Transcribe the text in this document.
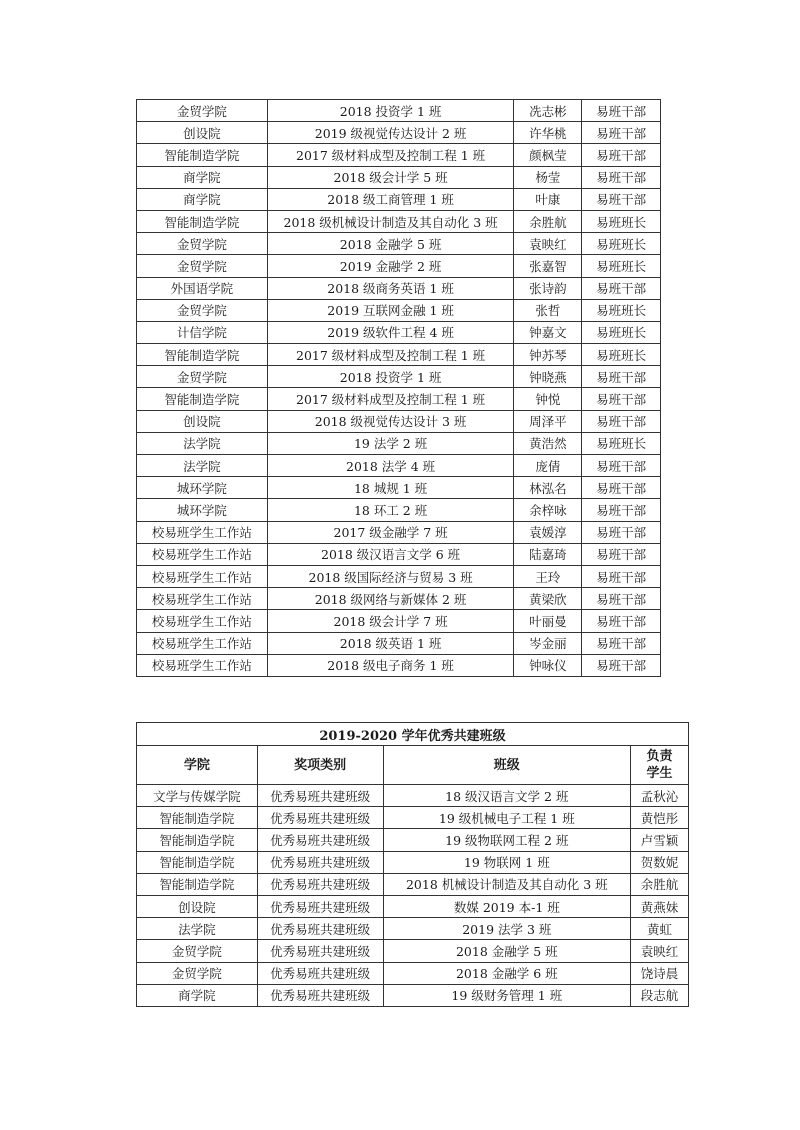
金贸学院	2018 投资学 1 班	冼志彬	易班干部
创设院	2019 级视觉传达设计 2 班	许华桃	易班干部
智能制造学院	2017 级材料成型及控制工程 1 班	颜枫莹	易班干部
商学院	2018 级会计学 5 班	杨莹	易班干部
商学院	2018 级工商管理 1 班	叶康	易班干部
智能制造学院	2018 级机械设计制造及其自动化 3 班	余胜航	易班班长
金贸学院	2018 金融学 5 班	袁映红	易班班长
金贸学院	2019 金融学 2 班	张嘉智	易班班长
外国语学院	2018 级商务英语 1 班	张诗韵	易班干部
金贸学院	2019 互联网金融 1 班	张哲	易班班长
计信学院	2019 级软件工程 4 班	钟嘉文	易班班长
智能制造学院	2017 级材料成型及控制工程 1 班	钟苏琴	易班班长
金贸学院	2018 投资学 1 班	钟晓燕	易班干部
智能制造学院	2017 级材料成型及控制工程 1 班	钟悦	易班干部
创设院	2018 级视觉传达设计 3 班	周泽平	易班干部
法学院	19 法学 2 班	黄浩然	易班班长
法学院	2018 法学 4 班	庞倩	易班干部
城环学院	18 城规 1 班	林泓名	易班干部
城环学院	18 环工 2 班	余梓咏	易班干部
校易班学生工作站	2017 级金融学 7 班	袁媛淳	易班干部
校易班学生工作站	2018 级汉语言文学 6 班	陆嘉琦	易班干部
校易班学生工作站	2018 级国际经济与贸易 3 班	王玲	易班干部
校易班学生工作站	2018 级网络与新媒体 2 班	黄梁欣	易班干部
校易班学生工作站	2018 级会计学 7 班	叶丽曼	易班干部
校易班学生工作站	2018 级英语 1 班	岑金丽	易班干部
校易班学生工作站	2018 级电子商务 1 班	钟咏仪	易班干部
2019-2020 学年优秀共建班级			
学院	奖项类别	班级	负责学生
文学与传媒学院	优秀易班共建班级	18 级汉语言文学 2 班	孟秋沁
智能制造学院	优秀易班共建班级	19 级机械电子工程 1 班	黄恺彤
智能制造学院	优秀易班共建班级	19 级物联网工程 2 班	卢雪颖
智能制造学院	优秀易班共建班级	19 物联网 1 班	贺数妮
智能制造学院	优秀易班共建班级	2018 机械设计制造及其自动化 3 班	余胜航
创设院	优秀易班共建班级	数媒 2019 本-1 班	黄燕妹
法学院	优秀易班共建班级	2019 法学 3 班	黄虹
金贸学院	优秀易班共建班级	2018 金融学 5 班	袁映红
金贸学院	优秀易班共建班级	2018 金融学 6 班	饶诗晨
商学院	优秀易班共建班级	19 级财务管理 1 班	段志航
